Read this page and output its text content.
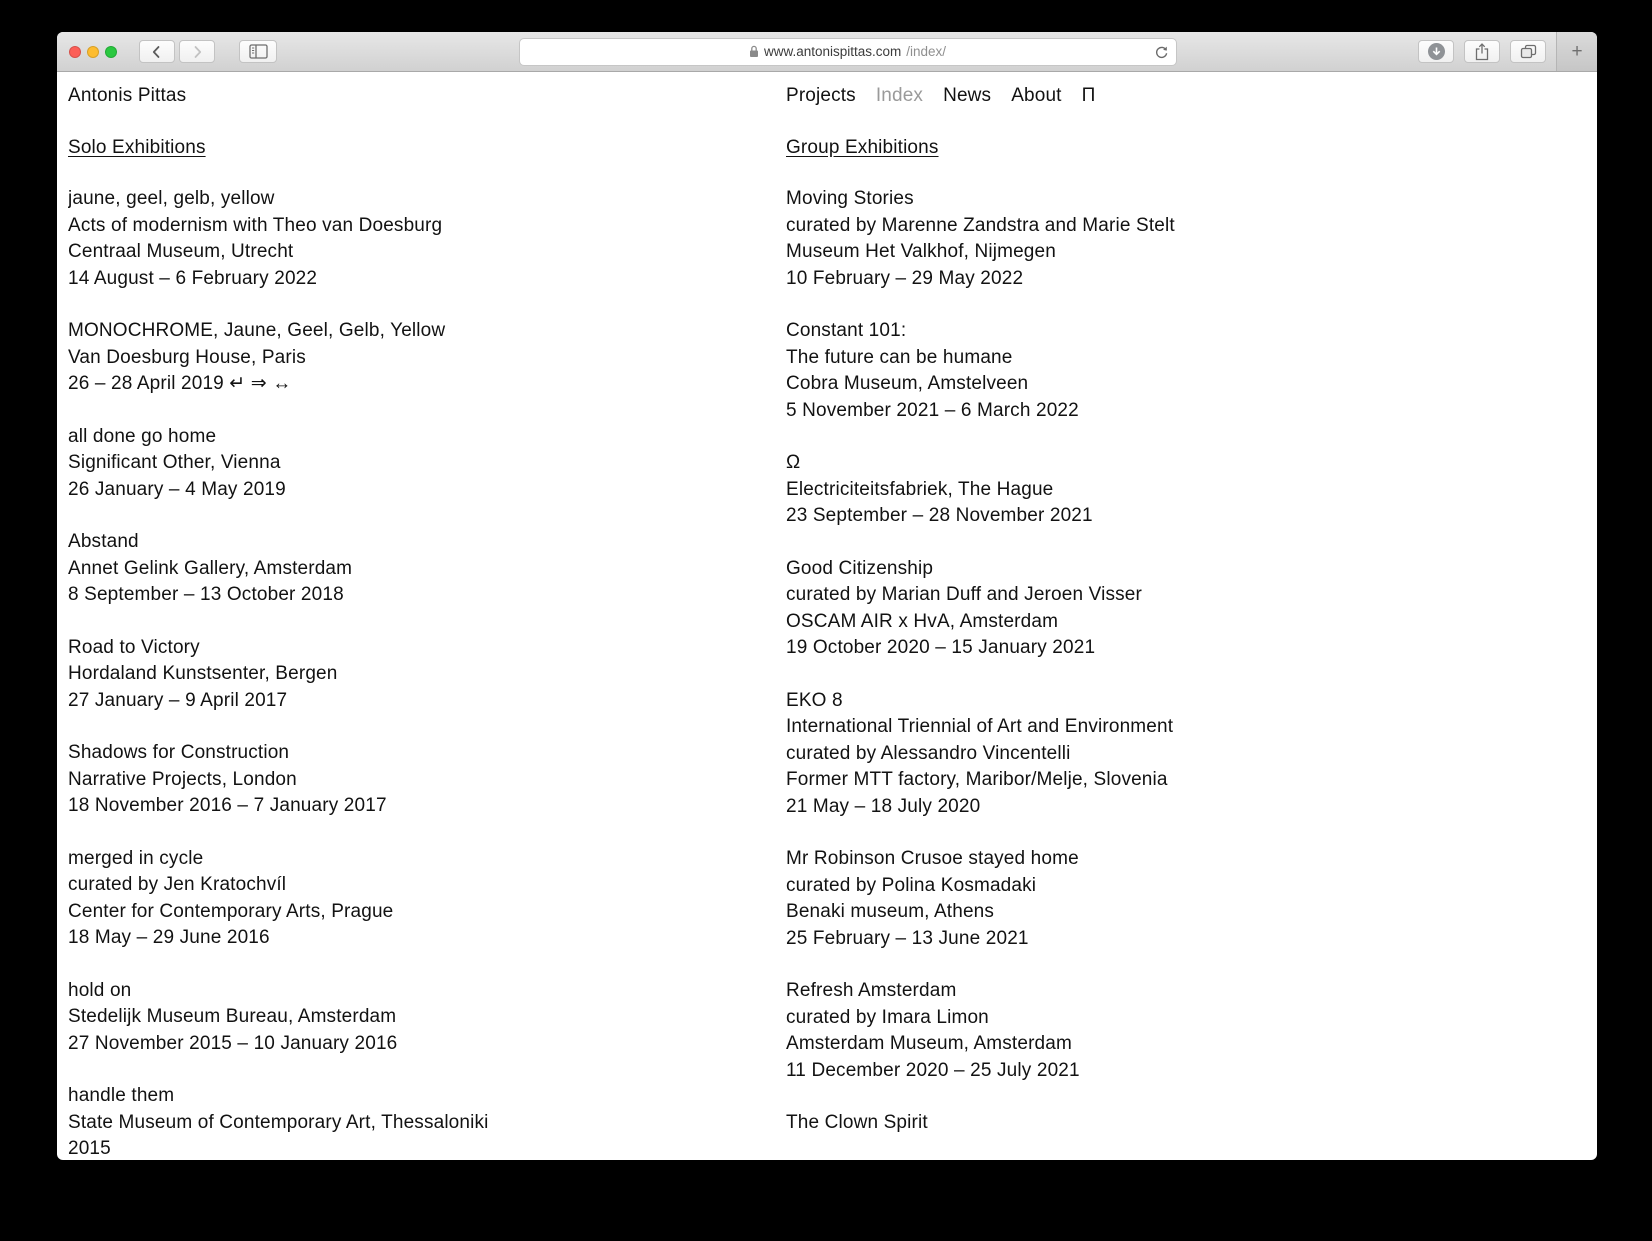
www.antonispittas.com /index/	+
Antonis Pittas
Solo Exhibitions

jaune, geel, gelb, yellow
Acts of modernism with Theo van Doesburg
Centraal Museum, Utrecht
14 August – 6 February 2022

MONOCHROME, Jaune, Geel, Gelb, Yellow
Van Doesburg House, Paris
26 – 28 April 2019 ↵ ⇒ ↔

all done go home
Significant Other, Vienna
26 January – 4 May 2019

Abstand
Annet Gelink Gallery, Amsterdam
8 September – 13 October 2018

Road to Victory
Hordaland Kunstsenter, Bergen
27 January – 9 April 2017

Shadows for Construction
Narrative Projects, London
18 November 2016 – 7 January 2017

merged in cycle
curated by Jen Kratochvíl
Center for Contemporary Arts, Prague
18 May – 29 June 2016

hold on
Stedelijk Museum Bureau, Amsterdam
27 November 2015 – 10 January 2016

handle them
State Museum of Contemporary Art, Thessaloniki
2015

Projects Index News About Π
Group Exhibitions

Moving Stories
curated by Marenne Zandstra and Marie Stelt
Museum Het Valkhof, Nijmegen
10 February – 29 May 2022

Constant 101:
The future can be humane
Cobra Museum, Amstelveen
5 November 2021 – 6 March 2022

Ω
Electriciteitsfabriek, The Hague
23 September – 28 November 2021

Good Citizenship
curated by Marian Duff and Jeroen Visser
OSCAM AIR x HvA, Amsterdam
19 October 2020 – 15 January 2021

EKO 8
International Triennial of Art and Environment
curated by Alessandro Vincentelli
Former MTT factory, Maribor/Melje, Slovenia
21 May – 18 July 2020

Mr Robinson Crusoe stayed home
curated by Polina Kosmadaki
Benaki museum, Athens
25 February – 13 June 2021

Refresh Amsterdam
curated by Imara Limon
Amsterdam Museum, Amsterdam
11 December 2020 – 25 July 2021

The Clown Spirit
